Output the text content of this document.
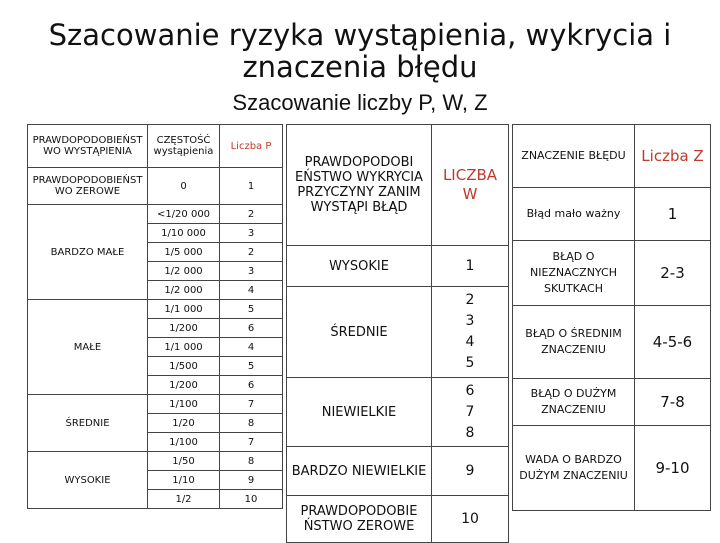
Szacowanie ryzyka wystąpienia, wykrycia i
znaczenia błędu
Szacowanie liczby P, W, Z
PRAWDOPODOBIEŃST WO WYSTĄPIENIA	CZĘSTOŚĆ wystąpienia	Liczba P
PRAWDOPODOBIEŃST WO ZEROWE	0	1
BARDZO MAŁE	<1/20 000	2
	1/10 000	3
	1/5 000	2
	1/2 000	3
	1/2 000	4
MAŁE	1/1 000	5
	1/200	6
	1/1 000	4
	1/500	5
	1/200	6
ŚREDNIE	1/100	7
	1/20	8
	1/100	7
WYSOKIE	1/50	8
	1/10	9
	1/2	10
PRAWDOPODOBI EŃSTWO WYKRYCIA PRZYCZYNY ZANIM WYSTĄPI BŁĄD	LICZBA W
WYSOKIE	1
ŚREDNIE	2
3
4
5

NIEWIELKIE	6
7
8

BARDZO NIEWIELKIE	9
PRAWDOPODOBIE ŃSTWO ZEROWE	10
ZNACZENIE BŁĘDU	Liczba Z
Błąd mało ważny	1
BŁĄD O NIEZNACZNYCH SKUTKACH	2-3
BŁĄD O ŚREDNIM ZNACZENIU	4-5-6
BŁĄD O DUŻYM ZNACZENIU	7-8
WADA O BARDZO DUŻYM ZNACZENIU	9-10
